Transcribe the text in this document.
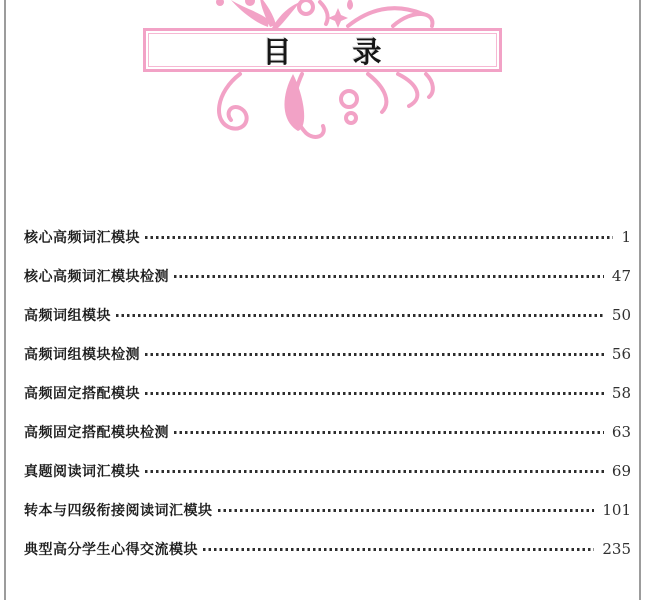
目　　录
核心高频词汇模块	1
核心高频词汇模块检测	47
高频词组模块	50
高频词组模块检测	56
高频固定搭配模块	58
高频固定搭配模块检测	63
真题阅读词汇模块	69
转本与四级衔接阅读词汇模块	101
典型高分学生心得交流模块	235
